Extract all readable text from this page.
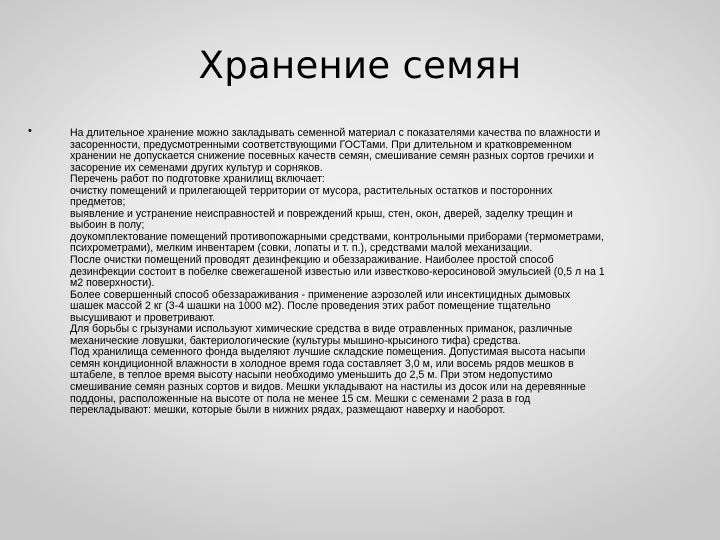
Хранение семян
•	На длительное хранение можно закладывать семенной материал с показателями качества по влажности и
засоренности, предусмотренными соответствующими ГОСТами. При длительном и кратковременном
хранении не допускается снижение посевных качеств семян, смешивание семян разных сортов гречихи и
засорение их семенами других культур и сорняков.
Перечень работ по подготовке хранилищ включает:
очистку помещений и прилегающей территории от мусора, растительных остатков и посторонних
предметов;
выявление и устранение неисправностей и повреждений крыш, стен, окон, дверей, заделку трещин и
выбоин в полу;
доукомплектование помещений противопожарными средствами, контрольными приборами (термометрами,
психрометрами), мелким инвентарем (совки, лопаты и т. п.), средствами малой механизации.
После очистки помещений проводят дезинфекцию и обеззараживание. Наиболее простой способ
дезинфекции состоит в побелке свежегашеной известью или известково-керосиновой эмульсией (0,5 л на 1
м2 поверхности).
Более совершенный способ обеззараживания - применение аэрозолей или инсектицидных дымовых
шашек массой 2 кг (3-4 шашки на 1000 м2). После проведения этих работ помещение тщательно
высушивают и проветривают.
Для борьбы с грызунами используют химические средства в виде отравленных приманок, различные
механические ловушки, бактериологические (культуры мышино-крысиного тифа) средства.
Под хранилища семенного фонда выделяют лучшие складские помещения. Допустимая высота насыпи
семян кондиционной влажности в холодное время года составляет 3,0 м, или восемь рядов мешков в
штабеле, в теплое время высоту насыпи необходимо уменьшить до 2,5 м. При этом недопустимо
смешивание семян разных сортов и видов. Мешки укладывают на настилы из досок или на деревянные
поддоны, расположенные на высоте от пола не менее 15 см. Мешки с семенами 2 раза в год
перекладывают: мешки, которые были в нижних рядах, размещают наверху и наоборот.
